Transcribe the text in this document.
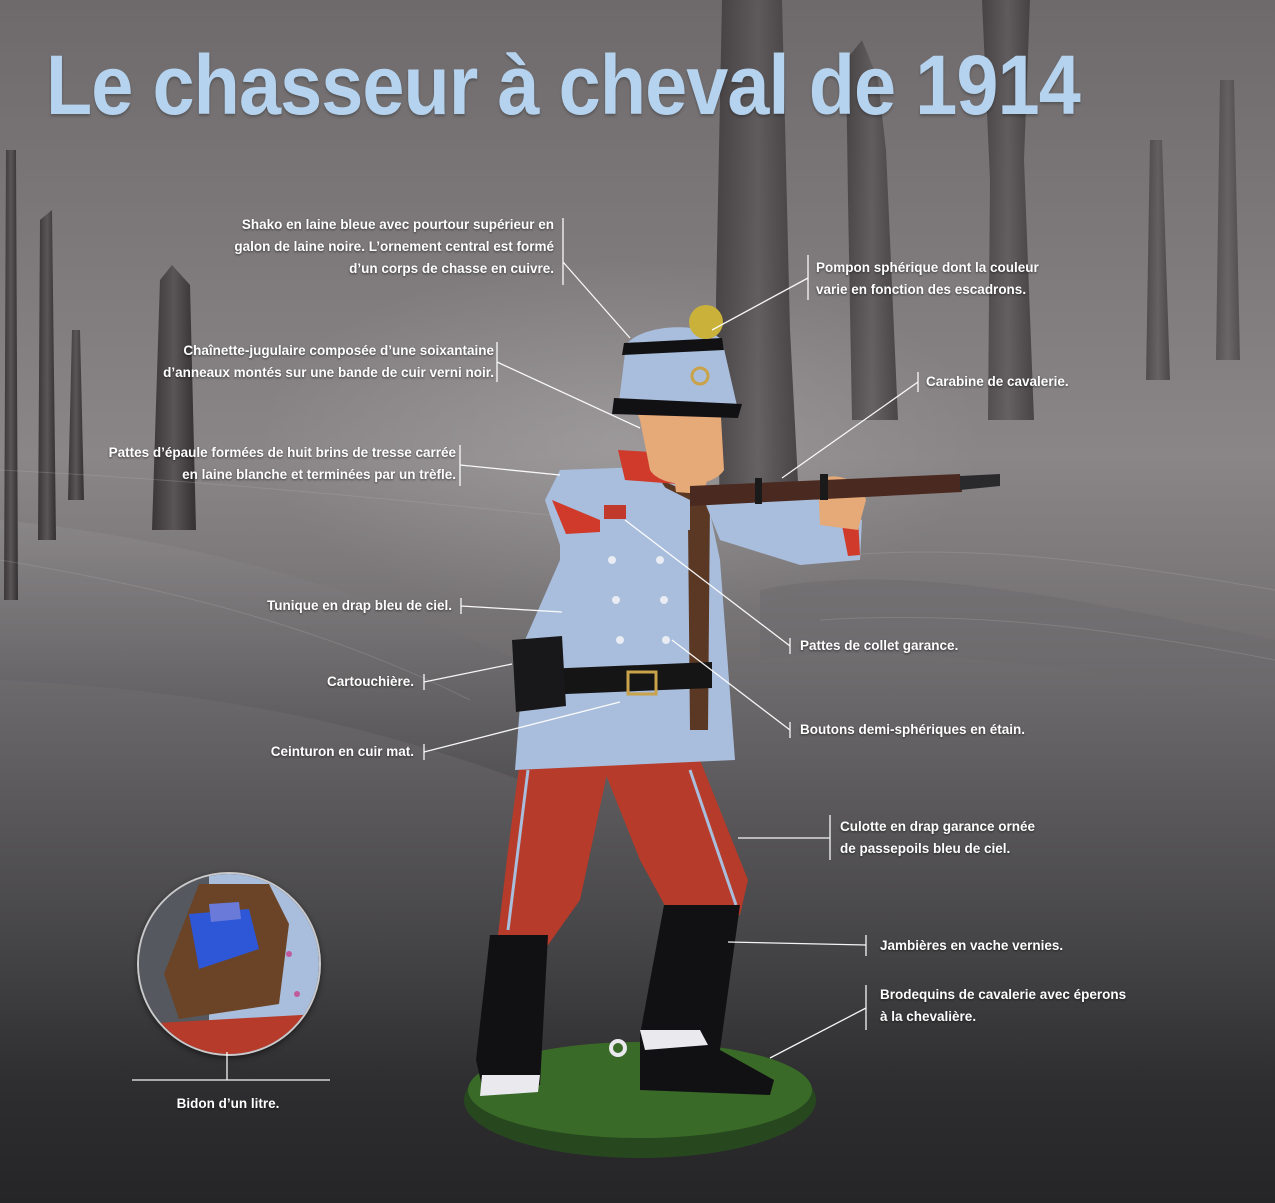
Le chasseur à cheval de 1914
Shako en laine bleue avec pourtour supérieur en
galon de laine noire. L’ornement central est formé
d’un corps de chasse en cuivre.	Pompon sphérique dont la couleur
varie en fonction des escadrons.
Chaînette-jugulaire composée d’une soixantaine
d’anneaux montés sur une bande de cuir verni noir.
Carabine de cavalerie.
Pattes d’épaule formées de huit brins de tresse carrée
en laine blanche et terminées par un trèfle.
Tunique en drap bleu de ciel.
Pattes de collet garance.
Cartouchière.
Boutons demi-sphériques en étain.
Ceinturon en cuir mat.
Culotte en drap garance ornée
de passepoils bleu de ciel.
Jambières en vache vernies.
Brodequins de cavalerie avec éperons
à la chevalière.
Bidon d’un litre.
